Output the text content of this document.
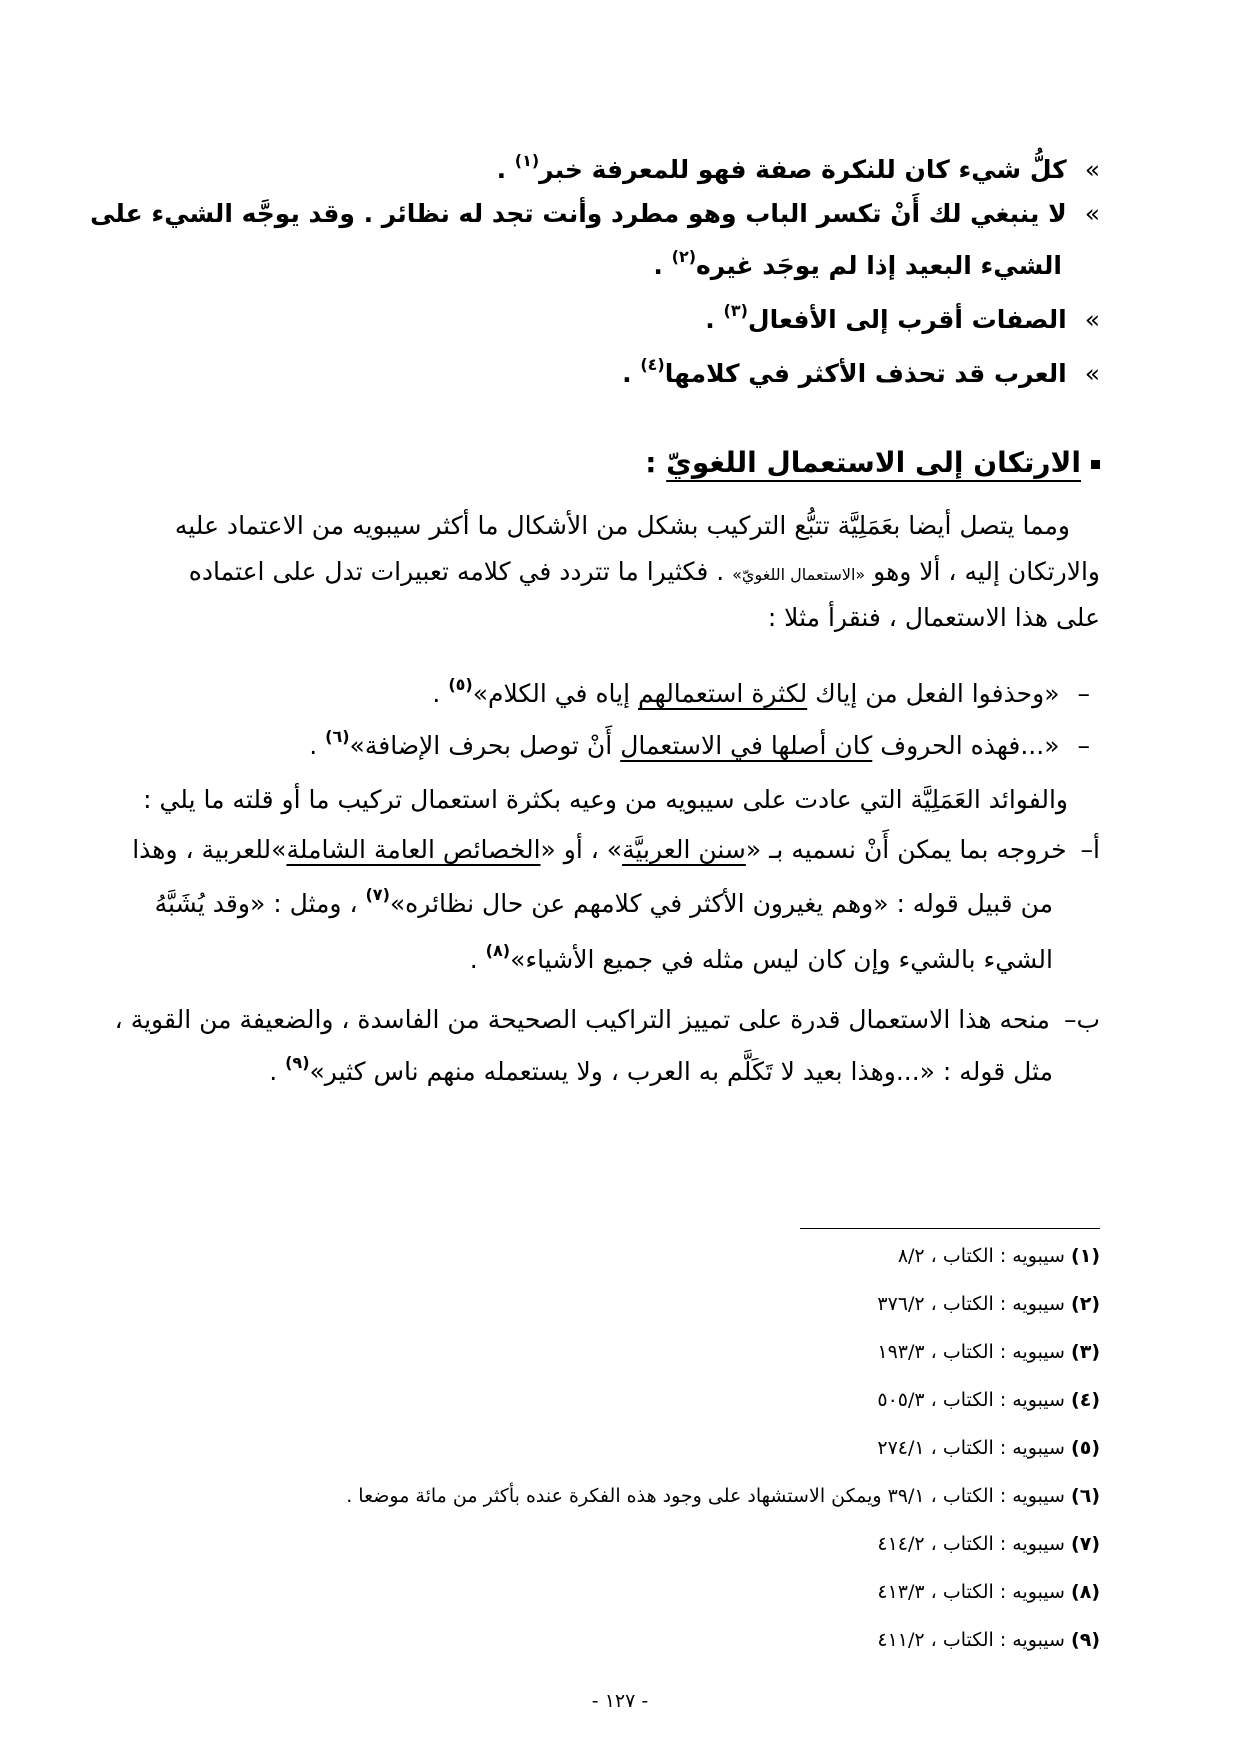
»كلُّ شيء كان للنكرة صفة فهو للمعرفة خبر$^{(١)}$ .
»لا ينبغي لك أَنْ تكسر الباب وهو مطرد وأنت تجد له نظائر . وقد يوجَّه الشيء على
الشيء البعيد إذا لم يوجَد غيره$^{(٢)}$ .
»الصفات أقرب إلى الأفعال$^{(٣)}$ .
»العرب قد تحذف الأكثر في كلامها$^{(٤)}$ .
الارتكان إلى الاستعمال اللغويّ :
ومما يتصل أيضا بعَمَلِيَّة تتبُّع التركيب بشكل من الأشكال ما أكثر سيبويه من الاعتماد عليه
والارتكان إليه ، ألا وهو «الاستعمال اللغويّ» . فكثيرا ما تتردد في كلامه تعبيرات تدل على اعتماده
على هذا الاستعمال ، فنقرأ مثلا :
–«وحذفوا الفعل من إياك لكثرة استعمالهم إياه في الكلام»$^{(٥)}$ .
–«...فهذه الحروف كان أصلها في الاستعمال أَنْ توصل بحرف الإضافة»$^{(٦)}$ .
والفوائد العَمَلِيَّة التي عادت على سيبويه من وعيه بكثرة استعمال تركيب ما أو قلته ما يلي :
أ–خروجه بما يمكن أَنْ نسميه بـ «سنن العربيَّة» ، أو «الخصائص العامة الشاملة»للعربية ، وهذا
من قبيل قوله : «وهم يغيرون الأكثر في كلامهم عن حال نظائره»$^{(٧)}$ ، ومثل : «وقد يُشَبَّهُ
الشيء بالشيء وإن كان ليس مثله في جميع الأشياء»$^{(٨)}$ .
ب–منحه هذا الاستعمال قدرة على تمييز التراكيب الصحيحة من الفاسدة ، والضعيفة من القوية ،
مثل قوله : «...وهذا بعيد لا تَكَلَّم به العرب ، ولا يستعمله منهم ناس كثير»$^{(٩)}$ .
(١) سيبويه : الكتاب ، ٨/٢
(٢) سيبويه : الكتاب ، ٣٧٦/٢
(٣) سيبويه : الكتاب ، ١٩٣/٣
(٤) سيبويه : الكتاب ، ٥٠٥/٣
(٥) سيبويه : الكتاب ، ٢٧٤/١
(٦) سيبويه : الكتاب ، ٣٩/١ ويمكن الاستشهاد على وجود هذه الفكرة عنده بأكثر من مائة موضعا .
(٧) سيبويه : الكتاب ، ٤١٤/٢
(٨) سيبويه : الكتاب ، ٤١٣/٣
(٩) سيبويه : الكتاب ، ٤١١/٢
- ١٢٧ -
